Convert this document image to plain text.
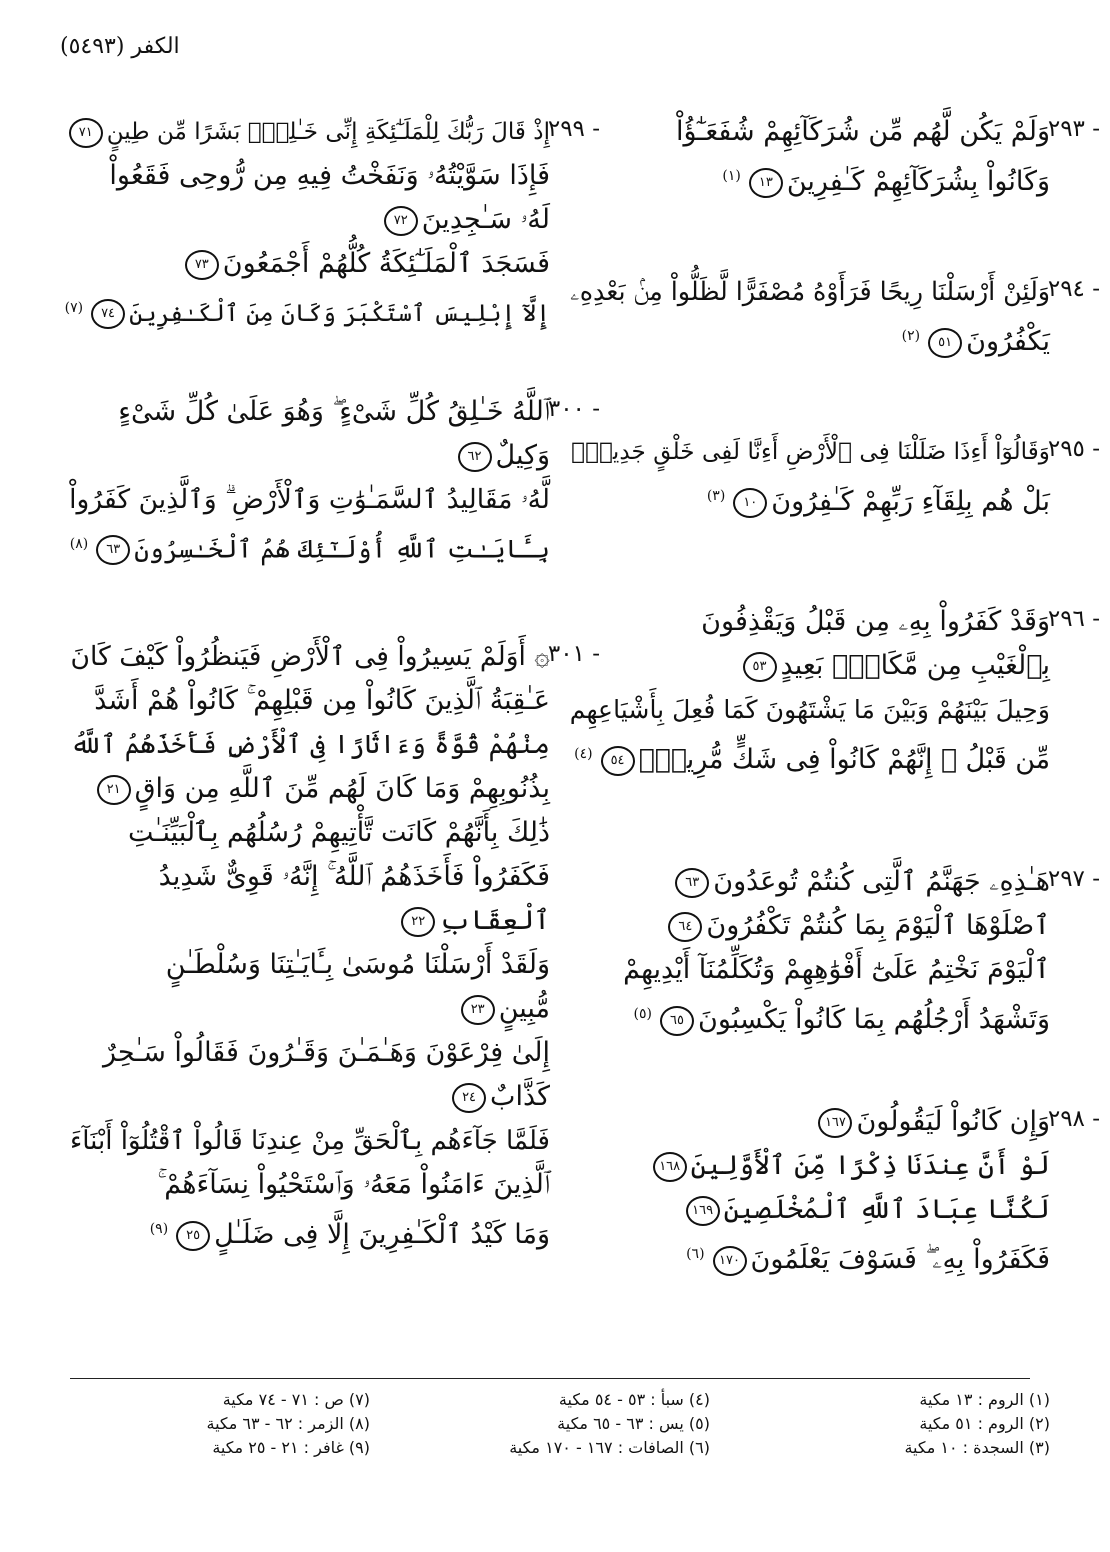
الكفر (٥٤٩٣)
٢٩٣ -
وَلَمْ يَكُن لَّهُم مِّن شُرَكَآئِهِمْ شُفَعَـٰٓؤُاْ
وَكَانُواْ بِشُرَكَآئِهِمْ كَـٰفِرِينَ١٣$^{(١)}$
٢٩٤ -
وَلَئِنْ أَرْسَلْنَا رِيحًا فَرَأَوْهُ مُصْفَرًّا لَّظَلُّواْ مِنۢ بَعْدِهِۦ
يَكْفُرُونَ٥١$^{(٢)}$
٢٩٥ -
وَقَالُوٓاْ أَءِذَا ضَلَلْنَا فِى ٱلْأَرْضِ أَءِنَّا لَفِى خَلْقٍ جَدِيدٍۭ
بَلْ هُم بِلِقَآءِ رَبِّهِمْ كَـٰفِرُونَ١٠$^{(٣)}$
٢٩٦ -
وَقَدْ كَفَرُواْ بِهِۦ مِن قَبْلُ وَيَقْذِفُونَ
بِٱلْغَيْبِ مِن مَّكَانٍۭ بَعِيدٍ٥٣
وَحِيلَ بَيْنَهُمْ وَبَيْنَ مَا يَشْتَهُونَ كَمَا فُعِلَ بِأَشْيَاعِهِم
مِّن قَبْلُ ۚ إِنَّهُمْ كَانُواْ فِى شَكٍّ مُّرِيبٍۭ٥٤$^{(٤)}$
٢٩٧ -
هَـٰذِهِۦ جَهَنَّمُ ٱلَّتِى كُنتُمْ تُوعَدُونَ٦٣
ٱصْلَوْهَا ٱلْيَوْمَ بِمَا كُنتُمْ تَكْفُرُونَ٦٤
ٱلْيَوْمَ نَخْتِمُ عَلَىٰٓ أَفْوَٰهِهِمْ وَتُكَلِّمُنَآ أَيْدِيهِمْ
وَتَشْهَدُ أَرْجُلُهُم بِمَا كَانُواْ يَكْسِبُونَ٦٥$^{(٥)}$
٢٩٨ -
وَإِن كَانُواْ لَيَقُولُونَ١٦٧
لَوْ أَنَّ عِندَنَا ذِكْرًا مِّنَ ٱلْأَوَّلِينَ١٦٨
لَكُنَّا عِبَادَ ٱللَّهِ ٱلْمُخْلَصِينَ١٦٩
فَكَفَرُواْ بِهِۦ ۖ فَسَوْفَ يَعْلَمُونَ١٧٠$^{(٦)}$
٢٩٩ -
إِذْ قَالَ رَبُّكَ لِلْمَلَـٰٓئِكَةِ إِنِّى خَـٰلِقٌۢ بَشَرًا مِّن طِينٍ٧١
فَإِذَا سَوَّيْتُهُۥ وَنَفَخْتُ فِيهِ مِن رُّوحِى فَقَعُواْ
لَهُۥ سَـٰجِدِينَ٧٢
فَسَجَدَ ٱلْمَلَـٰٓئِكَةُ كُلُّهُمْ أَجْمَعُونَ٧٣
إِلَّآ إِبْلِيسَ ٱسْتَكْبَرَ وَكَانَ مِنَ ٱلْكَـٰفِرِينَ٧٤$^{(٧)}$
٣٠٠ -
ٱللَّهُ خَـٰلِقُ كُلِّ شَىْءٍ ۖ وَهُوَ عَلَىٰ كُلِّ شَىْءٍ
وَكِيلٌ٦٢
لَّهُۥ مَقَالِيدُ ٱلسَّمَـٰوَٰتِ وَٱلْأَرْضِ ۗ وَٱلَّذِينَ كَفَرُواْ
بِـَٔايَـٰتِ ٱللَّهِ أُوْلَـٰٓئِكَ هُمُ ٱلْخَـٰسِرُونَ٦٣$^{(٨)}$
٣٠١ -
۞ أَوَلَمْ يَسِيرُواْ فِى ٱلْأَرْضِ فَيَنظُرُواْ كَيْفَ كَانَ
عَـٰقِبَةُ ٱلَّذِينَ كَانُواْ مِن قَبْلِهِمْ ۚ كَانُواْ هُمْ أَشَدَّ
مِنْهُمْ قُوَّةً وَءَاثَارًا فِى ٱلْأَرْضِ فَأَخَذَهُمُ ٱللَّهُ
بِذُنُوبِهِمْ وَمَا كَانَ لَهُم مِّنَ ٱللَّهِ مِن وَاقٍ٢١
ذَٰلِكَ بِأَنَّهُمْ كَانَت تَّأْتِيهِمْ رُسُلُهُم بِٱلْبَيِّنَـٰتِ
فَكَفَرُواْ فَأَخَذَهُمُ ٱللَّهُ ۚ إِنَّهُۥ قَوِىٌّ شَدِيدُ
ٱلْعِقَابِ٢٢
وَلَقَدْ أَرْسَلْنَا مُوسَىٰ بِـَٔايَـٰتِنَا وَسُلْطَـٰنٍ
مُّبِينٍ٢٣
إِلَىٰ فِرْعَوْنَ وَهَـٰمَـٰنَ وَقَـٰرُونَ فَقَالُواْ سَـٰحِرٌ
كَذَّابٌ٢٤
فَلَمَّا جَآءَهُم بِٱلْحَقِّ مِنْ عِندِنَا قَالُواْ ٱقْتُلُوٓاْ أَبْنَآءَ
ٱلَّذِينَ ءَامَنُواْ مَعَهُۥ وَٱسْتَحْيُواْ نِسَآءَهُمْ ۚ
وَمَا كَيْدُ ٱلْكَـٰفِرِينَ إِلَّا فِى ضَلَـٰلٍ٢٥$^{(٩)}$
(١) الروم : ١٣ مكية
(٢) الروم : ٥١ مكية
(٣) السجدة : ١٠ مكية
(٤) سبأ : ٥٣ - ٥٤ مكية
(٥) يس : ٦٣ - ٦٥ مكية
(٦) الصافات : ١٦٧ - ١٧٠ مكية
(٧) ص : ٧١ - ٧٤ مكية
(٨) الزمر : ٦٢ - ٦٣ مكية
(٩) غافر : ٢١ - ٢٥ مكية
